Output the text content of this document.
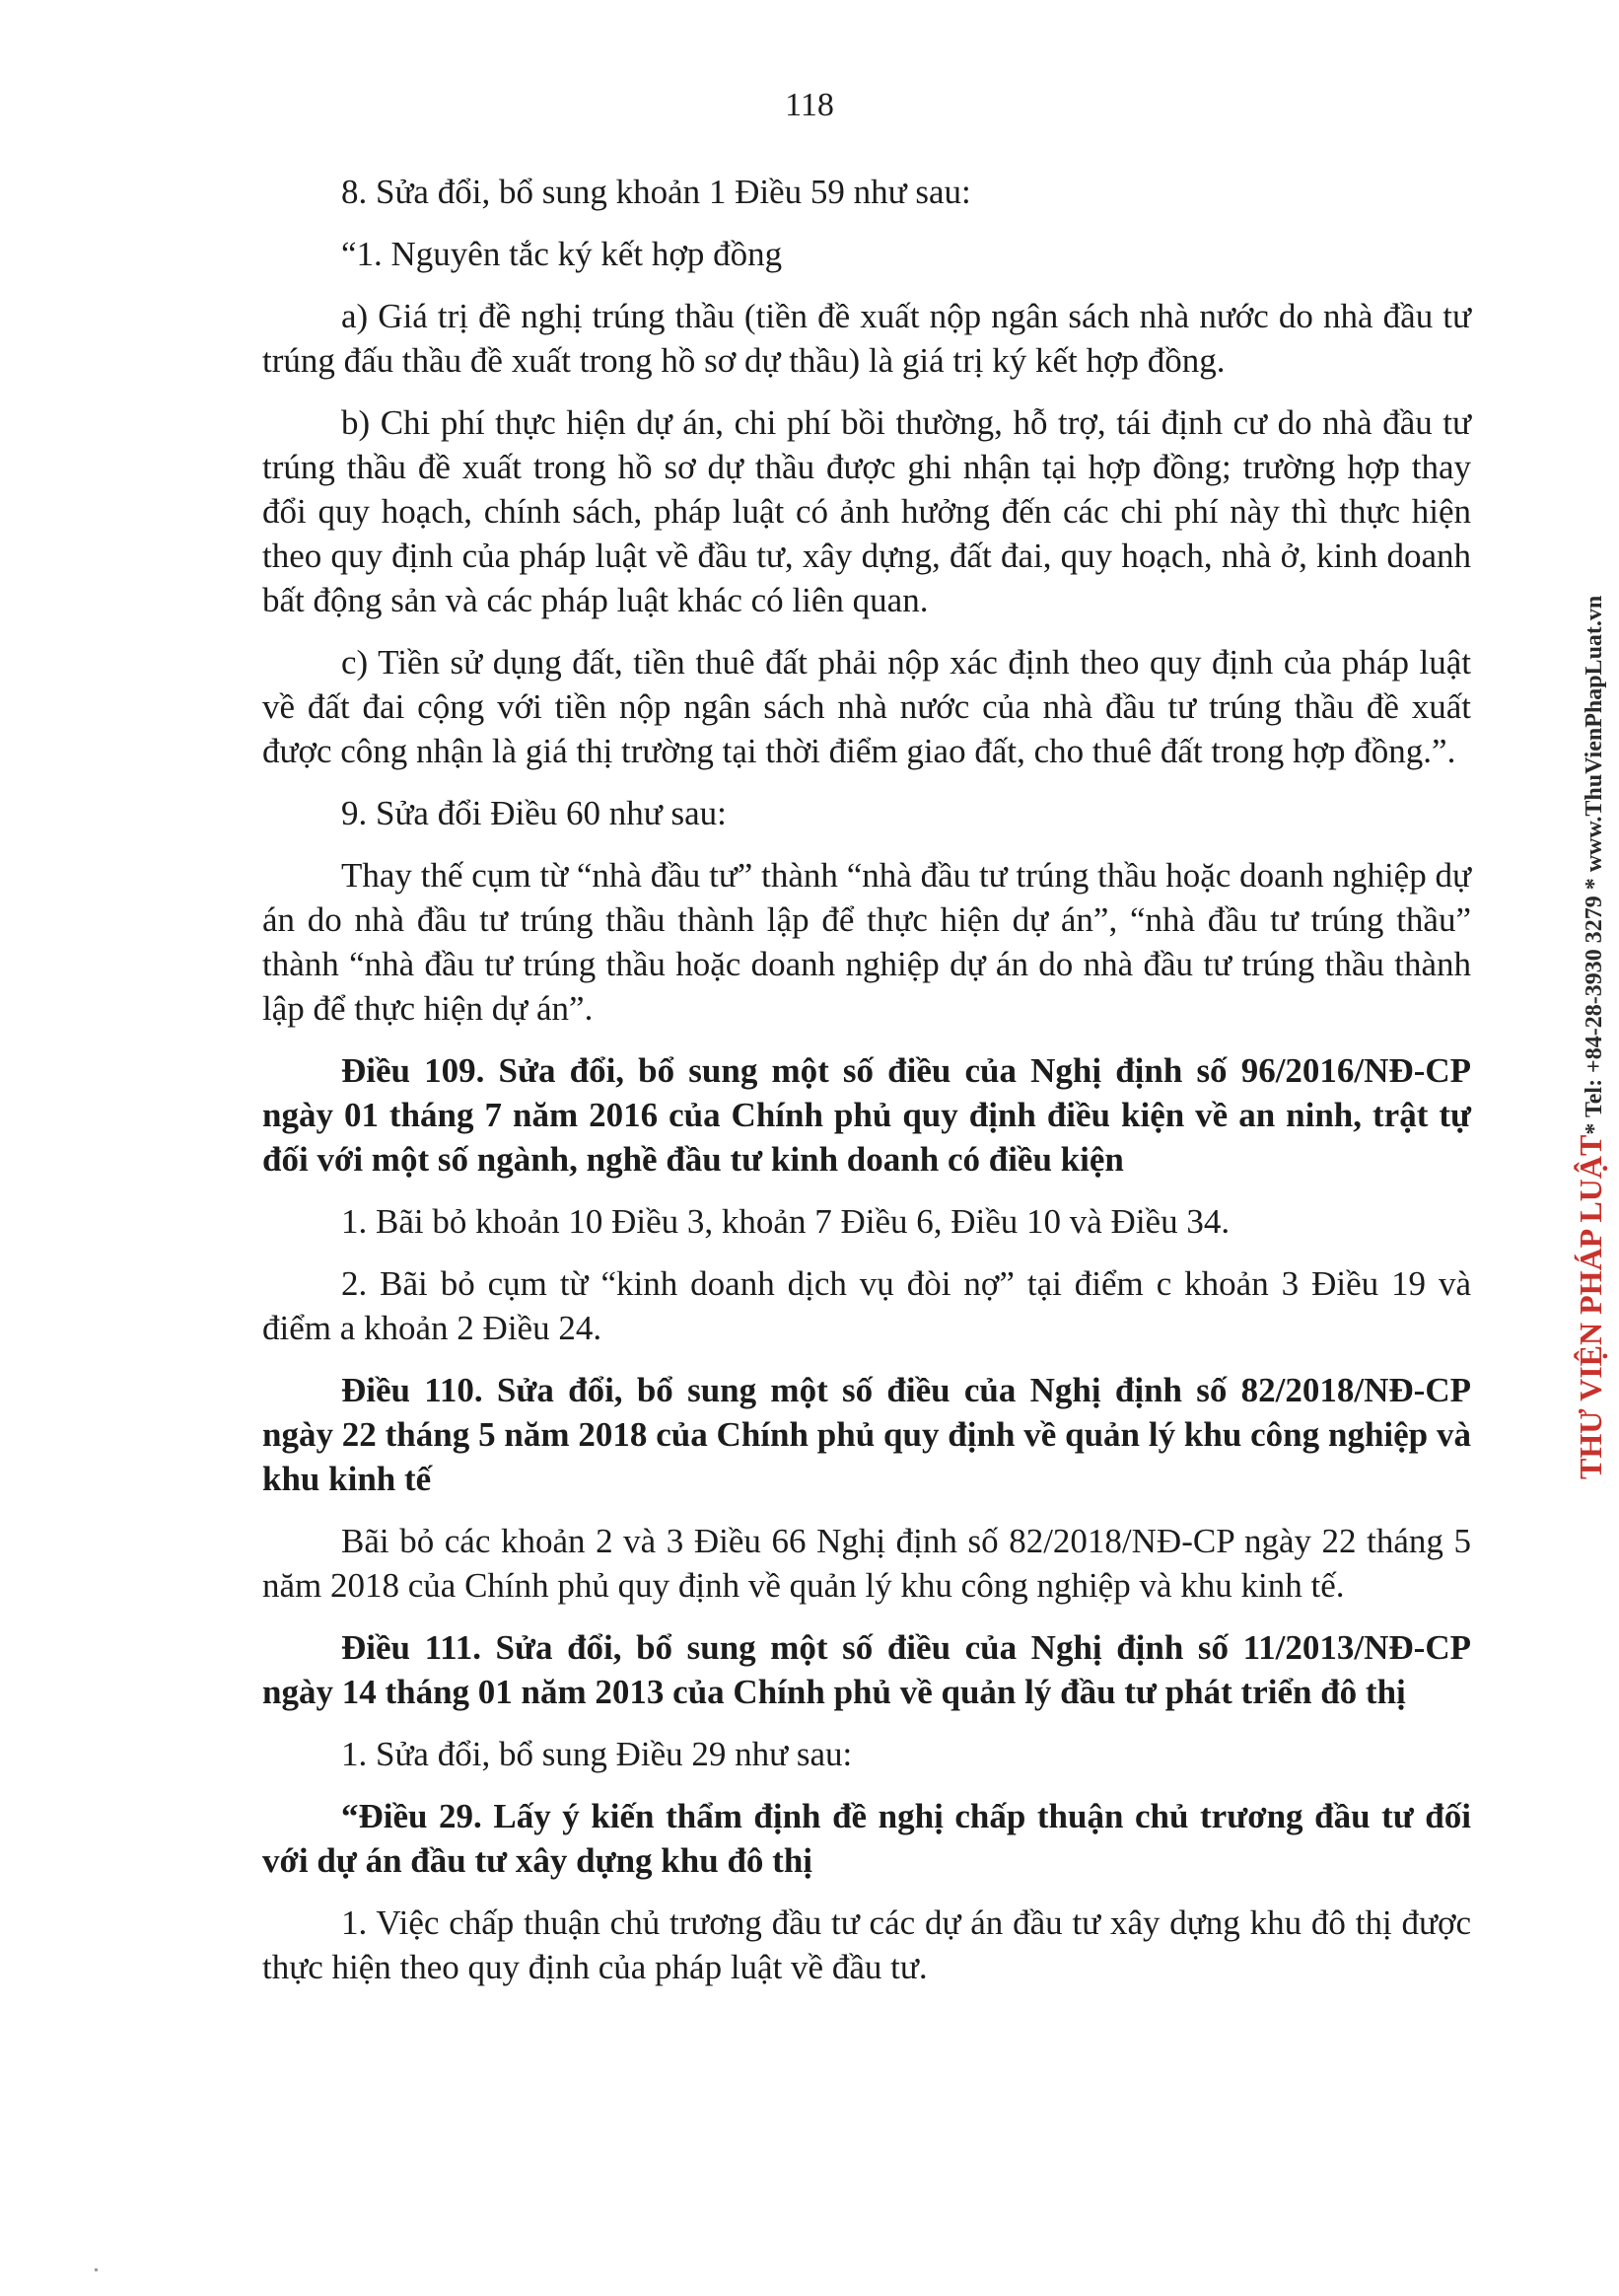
118

8. Sửa đổi, bổ sung khoản 1 Điều 59 như sau:

“1. Nguyên tắc ký kết hợp đồng

a) Giá trị đề nghị trúng thầu (tiền đề xuất nộp ngân sách nhà nước do nhà đầu tư trúng đấu thầu đề xuất trong hồ sơ dự thầu) là giá trị ký kết hợp đồng.

b) Chi phí thực hiện dự án, chi phí bồi thường, hỗ trợ, tái định cư do nhà đầu tư trúng thầu đề xuất trong hồ sơ dự thầu được ghi nhận tại hợp đồng; trường hợp thay đổi quy hoạch, chính sách, pháp luật có ảnh hưởng đến các chi phí này thì thực hiện theo quy định của pháp luật về đầu tư, xây dựng, đất đai, quy hoạch, nhà ở, kinh doanh bất động sản và các pháp luật khác có liên quan.

c) Tiền sử dụng đất, tiền thuê đất phải nộp xác định theo quy định của pháp luật về đất đai cộng với tiền nộp ngân sách nhà nước của nhà đầu tư trúng thầu đề xuất được công nhận là giá thị trường tại thời điểm giao đất, cho thuê đất trong hợp đồng.”.

9. Sửa đổi Điều 60 như sau:

Thay thế cụm từ “nhà đầu tư” thành “nhà đầu tư trúng thầu hoặc doanh nghiệp dự án do nhà đầu tư trúng thầu thành lập để thực hiện dự án”, “nhà đầu tư trúng thầu” thành “nhà đầu tư trúng thầu hoặc doanh nghiệp dự án do nhà đầu tư trúng thầu thành lập để thực hiện dự án”.

Điều 109. Sửa đổi, bổ sung một số điều của Nghị định số 96/2016/NĐ-CP ngày 01 tháng 7 năm 2016 của Chính phủ quy định điều kiện về an ninh, trật tự đối với một số ngành, nghề đầu tư kinh doanh có điều kiện

1. Bãi bỏ khoản 10 Điều 3, khoản 7 Điều 6, Điều 10 và Điều 34.

2. Bãi bỏ cụm từ “kinh doanh dịch vụ đòi nợ” tại điểm c khoản 3 Điều 19 và điểm a khoản 2 Điều 24.

Điều 110. Sửa đổi, bổ sung một số điều của Nghị định số 82/2018/NĐ-CP ngày 22 tháng 5 năm 2018 của Chính phủ quy định về quản lý khu công nghiệp và khu kinh tế

Bãi bỏ các khoản 2 và 3 Điều 66 Nghị định số 82/2018/NĐ-CP ngày 22 tháng 5 năm 2018 của Chính phủ quy định về quản lý khu công nghiệp và khu kinh tế.

Điều 111. Sửa đổi, bổ sung một số điều của Nghị định số 11/2013/NĐ-CP ngày 14 tháng 01 năm 2013 của Chính phủ về quản lý đầu tư phát triển đô thị

1. Sửa đổi, bổ sung Điều 29 như sau:

“Điều 29. Lấy ý kiến thẩm định đề nghị chấp thuận chủ trương đầu tư đối với dự án đầu tư xây dựng khu đô thị

1. Việc chấp thuận chủ trương đầu tư các dự án đầu tư xây dựng khu đô thị được thực hiện theo quy định của pháp luật về đầu tư.

THƯ VIỆN PHÁP LUẬT* Tel: +84-28-3930 3279 * www.ThuVienPhapLuat.vn
